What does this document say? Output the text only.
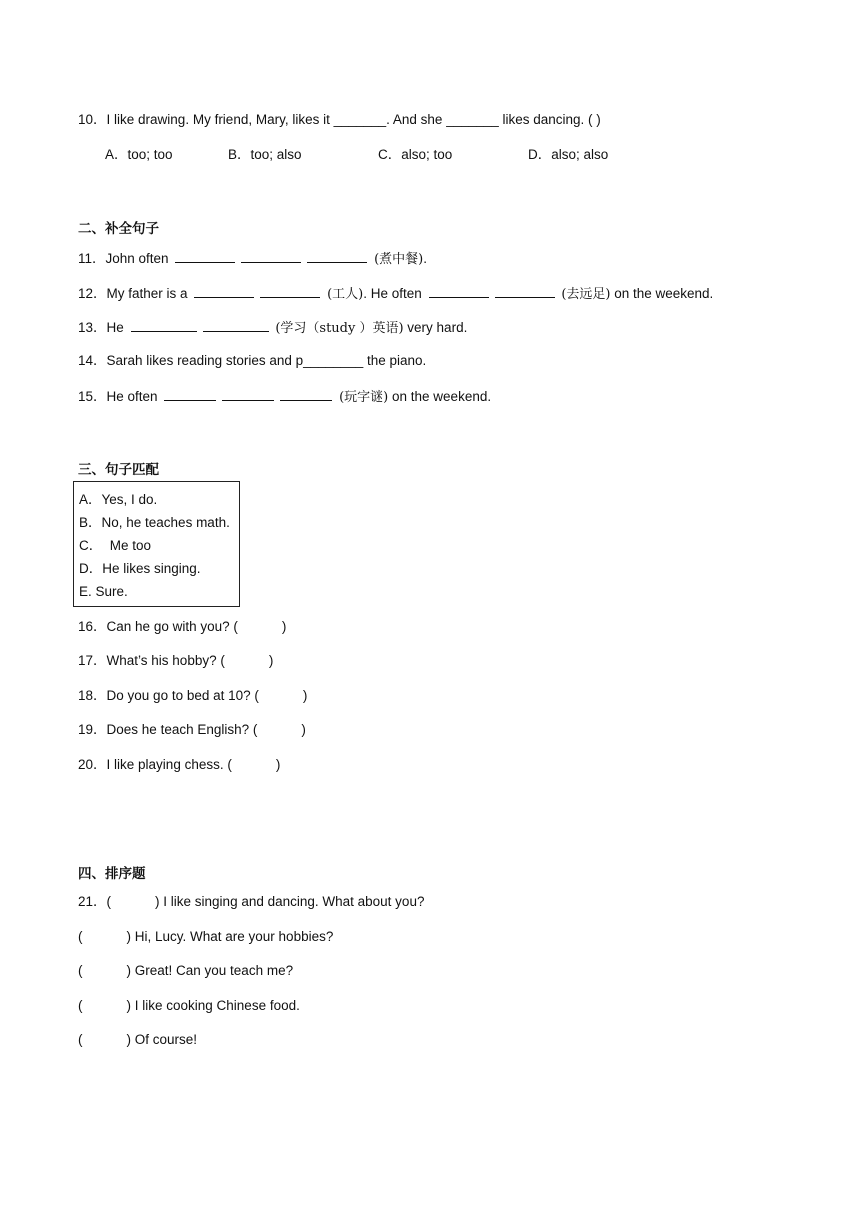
10．I like drawing. My friend, Mary, likes it _______. And she _______ likes dancing. ( )
A．too; too	B．too; also	C．also; too	D．also; also
二、补全句子
11．John often	(煮中餐).
12．My father is a	(工人). He often	(去远足) on the weekend.
13．He	(学习（study ）英语) very hard.
14．Sarah likes reading stories and p________ the piano.
15．He often	(玩字谜) on the weekend.
三、句子匹配
A．Yes, I do.
B．No, he teaches math.
C．  Me too
D．He likes singing.
E. Sure.
16．Can he go with you? (	)
17．What’s his hobby? (	)
18．Do you go to bed at 10? (	)
19．Does he teach English? (	)
20．I like playing chess. (	)
四、排序题
21．(	) I like singing and dancing. What about you?
(	) Hi, Lucy. What are your hobbies?
(	) Great! Can you teach me?
(	) I like cooking Chinese food.
(	) Of course!
